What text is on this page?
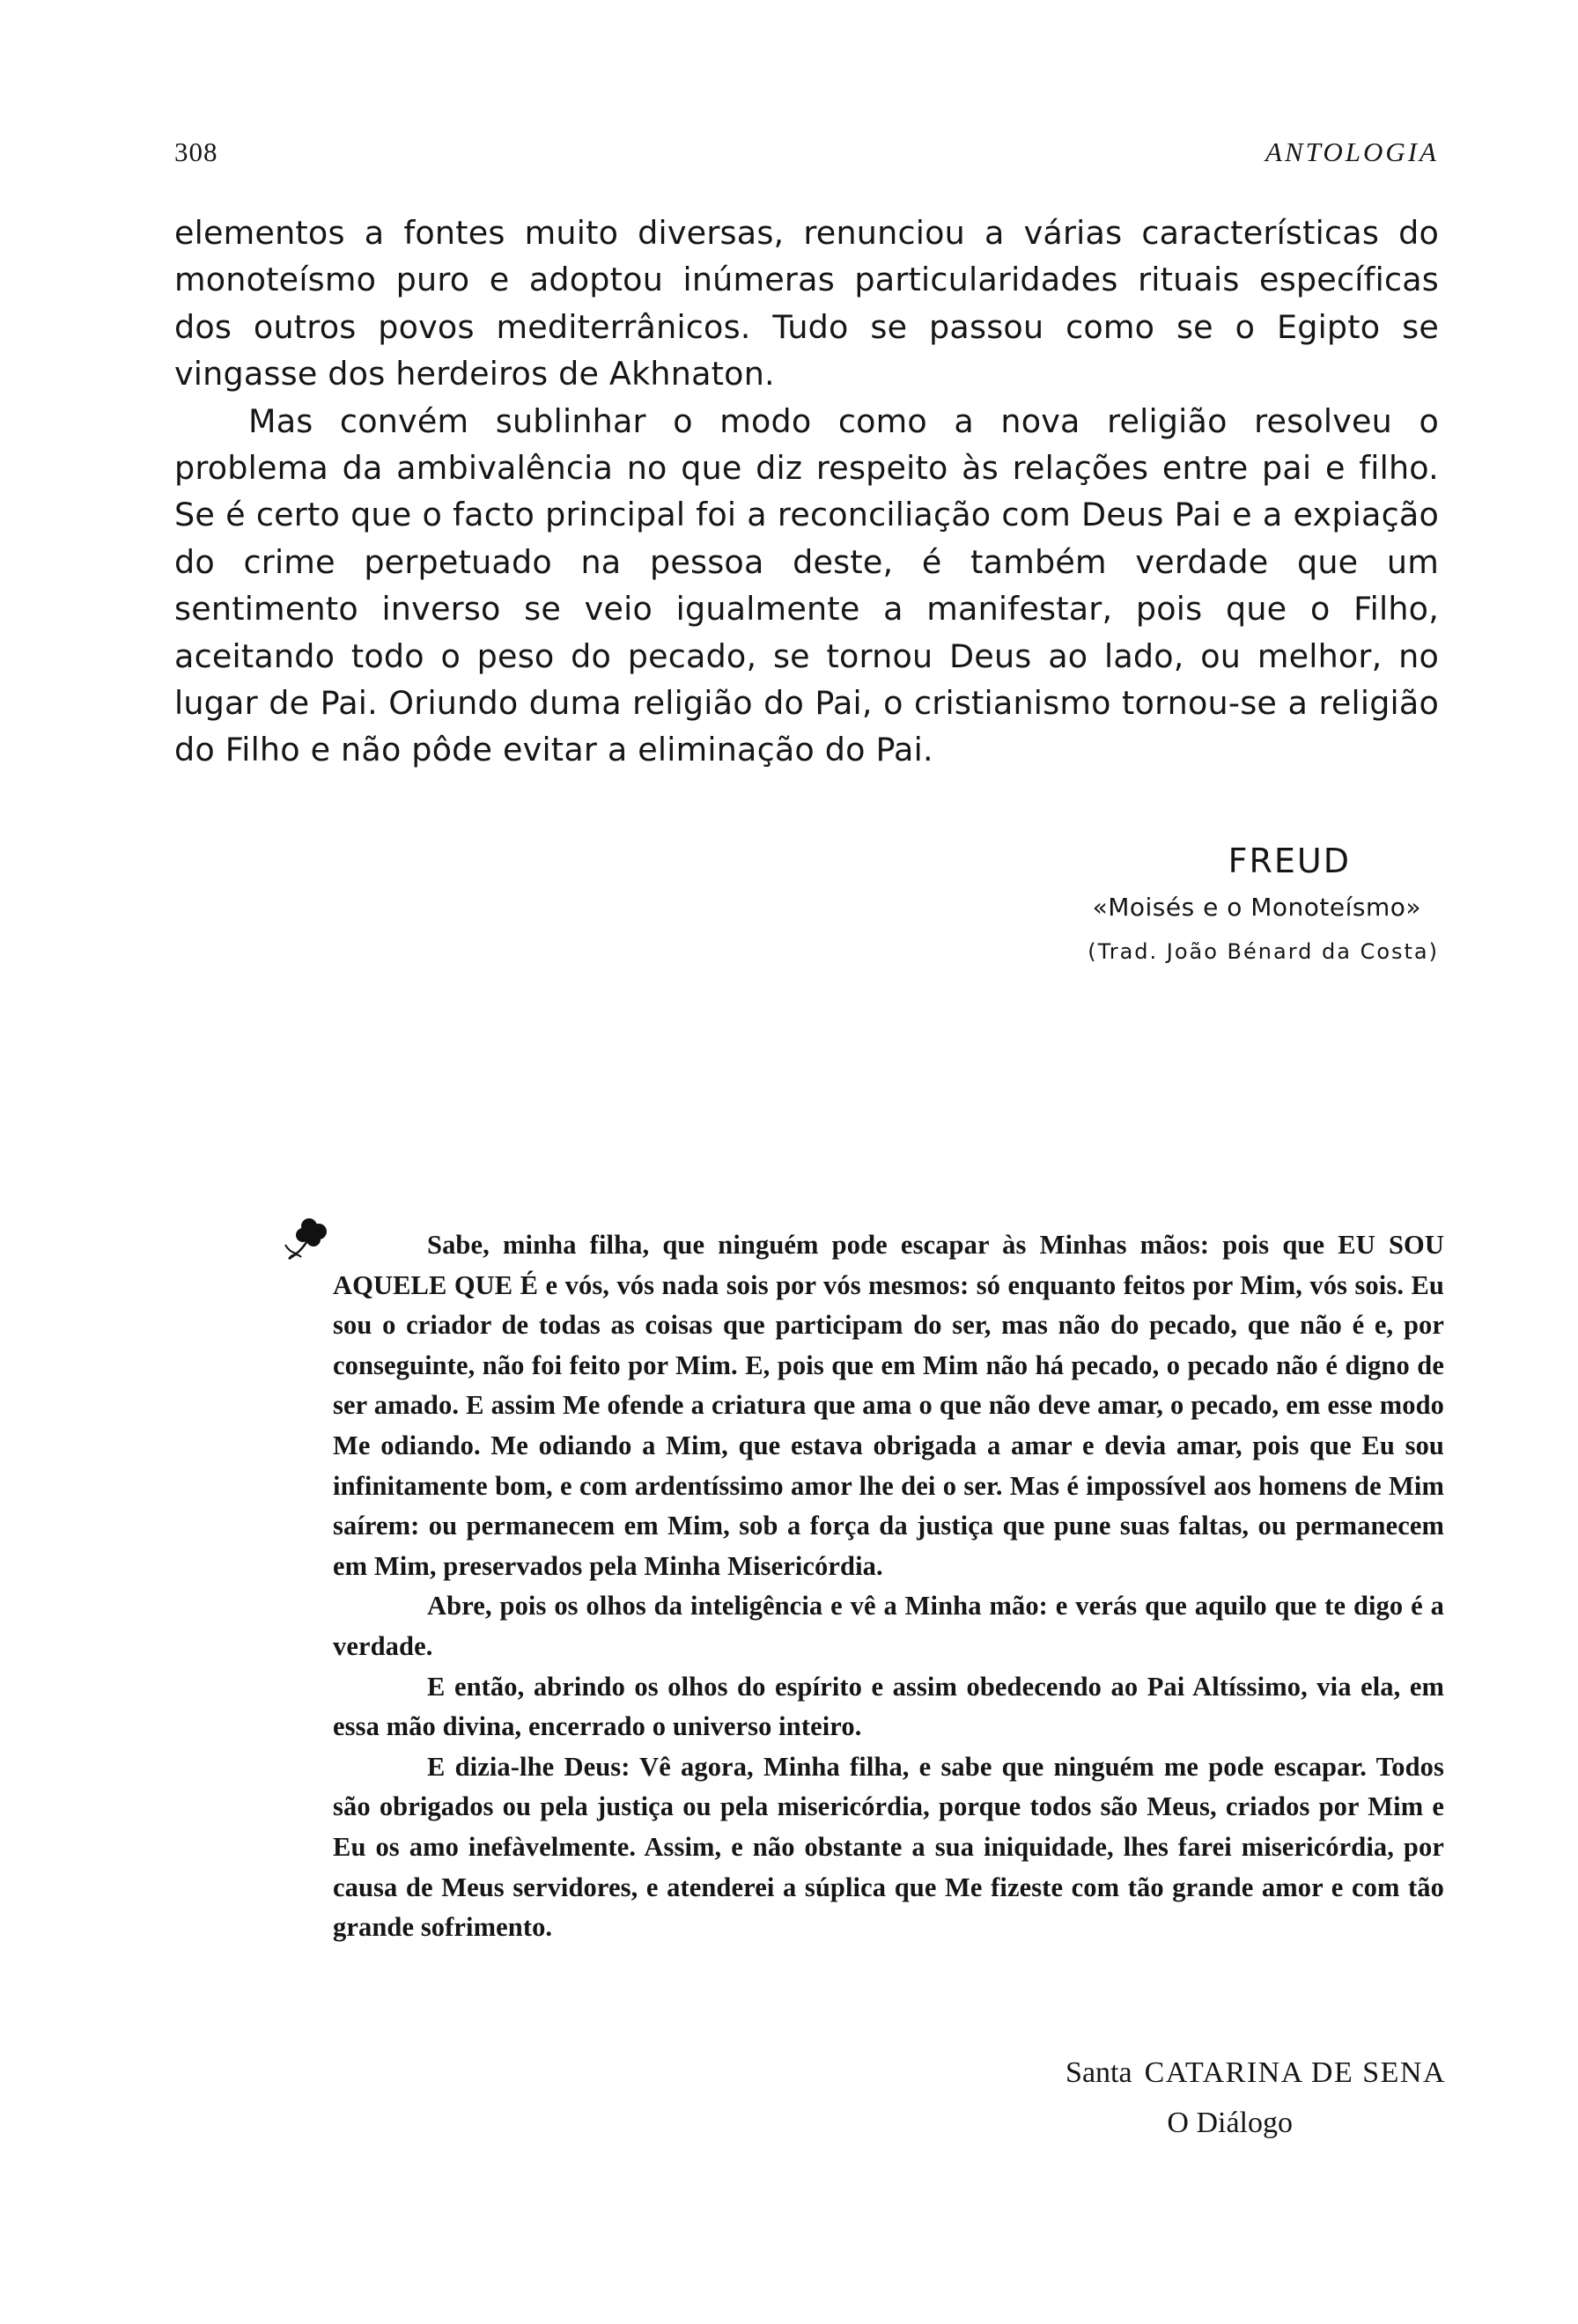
308	ANTOLOGIA

elementos a fontes muito diversas, renunciou a várias características do monoteísmo puro e adoptou inúmeras particularidades rituais específicas dos outros povos mediterrânicos. Tudo se passou como se o Egipto se vingasse dos herdeiros de Akhnaton.

Mas convém sublinhar o modo como a nova religião resolveu o problema da ambivalência no que diz respeito às relações entre pai e filho. Se é certo que o facto principal foi a reconciliação com Deus Pai e a expiação do crime perpetuado na pessoa deste, é também verdade que um sentimento inverso se veio igualmente a manifestar, pois que o Filho, aceitando todo o peso do pecado, se tornou Deus ao lado, ou melhor, no lugar de Pai. Oriundo duma religião do Pai, o cristianismo tornou-se a religião do Filho e não pôde evitar a eliminação do Pai.

FREUD
«Moisés e o Monoteísmo»
(Trad. João Bénard da Costa)

Sabe, minha filha, que ninguém pode escapar às Minhas mãos: pois que EU SOU AQUELE QUE É e vós, vós nada sois por vós mesmos: só enquanto feitos por Mim, vós sois. Eu sou o criador de todas as coisas que participam do ser, mas não do pecado, que não é e, por conseguinte, não foi feito por Mim. E, pois que em Mim não há pecado, o pecado não é digno de ser amado. E assim Me ofende a criatura que ama o que não deve amar, o pecado, em esse modo Me odiando. Me odiando a Mim, que estava obrigada a amar e devia amar, pois que Eu sou infinitamente bom, e com ardentíssimo amor lhe dei o ser. Mas é impossível aos homens de Mim saírem: ou permanecem em Mim, sob a força da justiça que pune suas faltas, ou permanecem em Mim, preservados pela Minha Misericórdia.

Abre, pois os olhos da inteligência e vê a Minha mão: e verás que aquilo que te digo é a verdade.

E então, abrindo os olhos do espírito e assim obedecendo ao Pai Altíssimo, via ela, em essa mão divina, encerrado o universo inteiro.

E dizia-lhe Deus: Vê agora, Minha filha, e sabe que ninguém me pode escapar. Todos são obrigados ou pela justiça ou pela misericórdia, porque todos são Meus, criados por Mim e Eu os amo inefàvelmente. Assim, e não obstante a sua iniquidade, lhes farei misericórdia, por causa de Meus servidores, e atenderei a súplica que Me fizeste com tão grande amor e com tão grande sofrimento.

Santa CATARINA DE SENA
O Diálogo
